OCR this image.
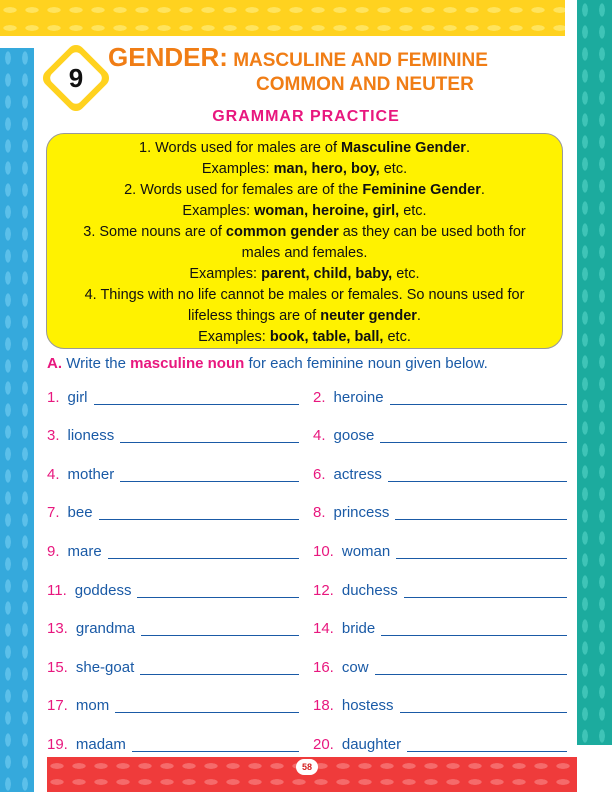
58
9
GENDER: MASCULINE AND FEMININE
COMMON AND NEUTER
GRAMMAR PRACTICE
1. Words used for males are of Masculine Gender.
Examples: man, hero, boy, etc.
2. Words used for females are of the Feminine Gender.
Examples: woman, heroine, girl, etc.
3. Some nouns are of common gender as they can be used both for
males and females.
Examples: parent, child, baby, etc.
4. Things with no life cannot be males or females. So nouns used for
lifeless things are of neuter gender.
Examples: book, table, ball, etc.
A. Write the masculine noun for each feminine noun given below.
1. girl	2. heroine
3. lioness	4. goose
4. mother	6. actress
7. bee	8. princess
9. mare	10. woman
11. goddess	12. duchess
13. grandma	14. bride
15. she-goat	16. cow
17. mom	18. hostess
19. madam	20. daughter
